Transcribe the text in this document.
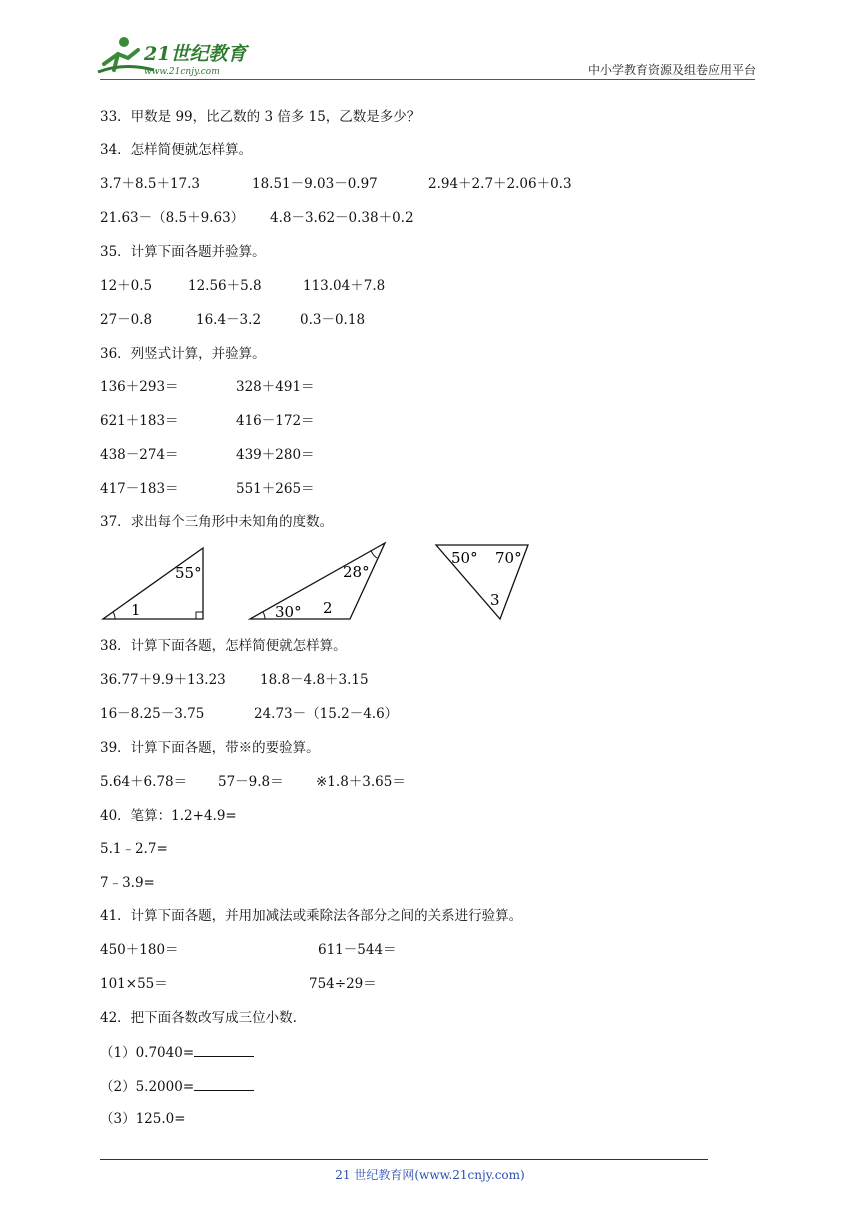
21世纪教育
www.21cnjy.com	中小学教育资源及组卷应用平台
33．甲数是 99，比乙数的 3 倍多 15，乙数是多少？
34．怎样简便就怎样算。
3.7＋8.5＋17.3	18.51－9.03－0.97	2.94＋2.7＋2.06＋0.3
21.63－（8.5＋9.63） 4.8－3.62－0.38＋0.2
35．计算下面各题并验算。
12＋0.5	12.56＋5.8	113.04＋7.8
27－0.8	16.4－3.2	0.3－0.18
36．列竖式计算，并验算。
136＋293＝	328＋491＝
621＋183＝	416－172＝
438－274＝	439＋280＝
417－183＝	551＋265＝
37．求出每个三角形中未知角的度数。
55°
1
28°
30° 2
50° 70°
3
38．计算下面各题，怎样简便就怎样算。
36.77＋9.9＋13.23	18.8－4.8＋3.15
16－8.25－3.75	24.73－（15.2－4.6）
39．计算下面各题，带※的要验算。
5.64＋6.78＝ 57－9.8＝ ※1.8＋3.65＝
40．笔算：1.2+4.9=
5.1﹣2.7=
7﹣3.9=
41．计算下面各题，并用加减法或乘除法各部分之间的关系进行验算。
450＋180＝	611－544＝
101×55＝	754÷29＝
42．把下面各数改写成三位小数.
（1）0.7040=
（2）5.2000=
（3）125.0=
21 世纪教育网(www.21cnjy.com)
